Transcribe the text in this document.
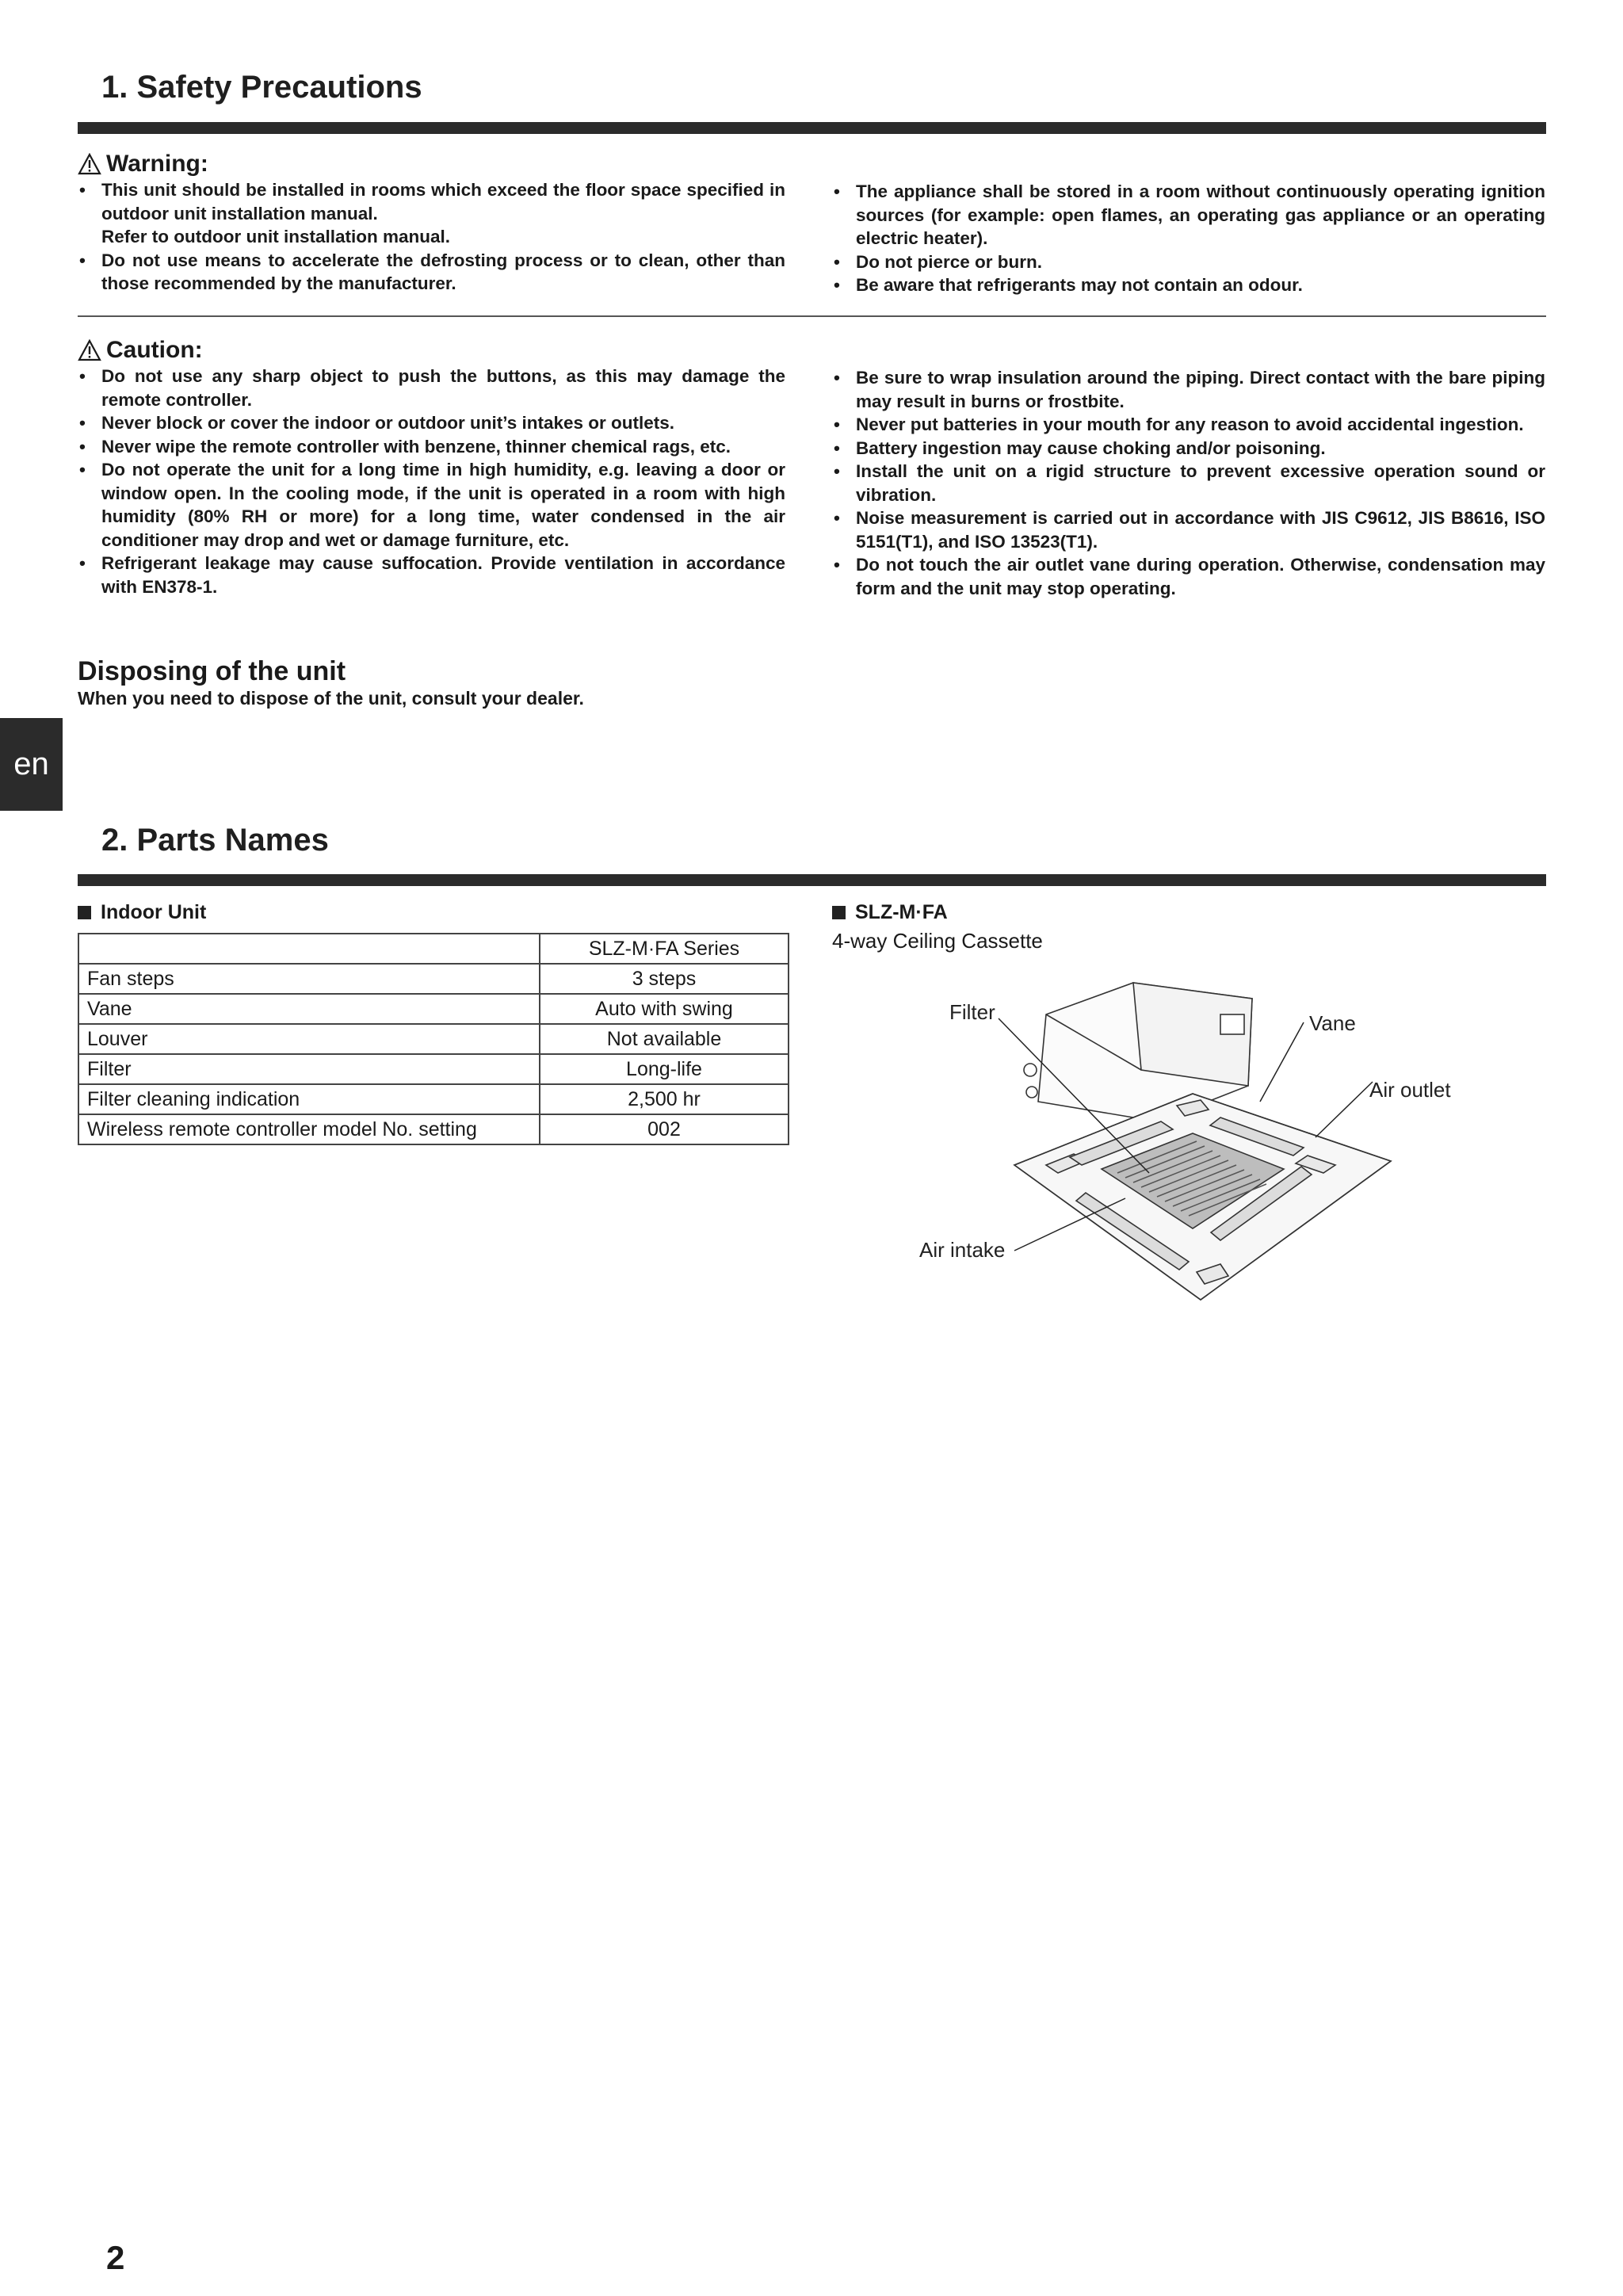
1. Safety Precautions
Warning:
• This unit should be installed in rooms which exceed the floor space specified in outdoor unit installation manual.
Refer to outdoor unit installation manual.
• Do not use means to accelerate the defrosting process or to clean, other than those recommended by the manufacturer.
• The appliance shall be stored in a room without continuously operating ignition sources (for example: open flames, an operating gas appliance or an operating electric heater).
• Do not pierce or burn.
• Be aware that refrigerants may not contain an odour.
Caution:
• Do not use any sharp object to push the buttons, as this may damage the remote controller.
• Never block or cover the indoor or outdoor unit’s intakes or outlets.
• Never wipe the remote controller with benzene, thinner chemical rags, etc.
• Do not operate the unit for a long time in high humidity, e.g. leaving a door or window open. In the cooling mode, if the unit is operated in a room with high humidity (80% RH or more) for a long time, water condensed in the air conditioner may drop and wet or damage furniture, etc.
• Refrigerant leakage may cause suffocation. Provide ventilation in accordance with EN378-1.
• Be sure to wrap insulation around the piping. Direct contact with the bare piping may result in burns or frostbite.
• Never put batteries in your mouth for any reason to avoid accidental ingestion.
• Battery ingestion may cause choking and/or poisoning.
• Install the unit on a rigid structure to prevent excessive operation sound or vibration.
• Noise measurement is carried out in accordance with JIS C9612, JIS B8616, ISO 5151(T1), and ISO 13523(T1).
• Do not touch the air outlet vane during operation. Otherwise, condensation may form and the unit may stop operating.
Disposing of the unit
When you need to dispose of the unit, consult your dealer.
en
2. Parts Names
Indoor Unit
	SLZ-M·FA Series
Fan steps	3 steps
Vane	Auto with swing
Louver	Not available
Filter	Long-life
Filter cleaning indication	2,500 hr
Wireless remote controller model No. setting	002
SLZ-M·FA
4-way Ceiling Cassette
Filter	Vane
Air outlet
Air intake
2
